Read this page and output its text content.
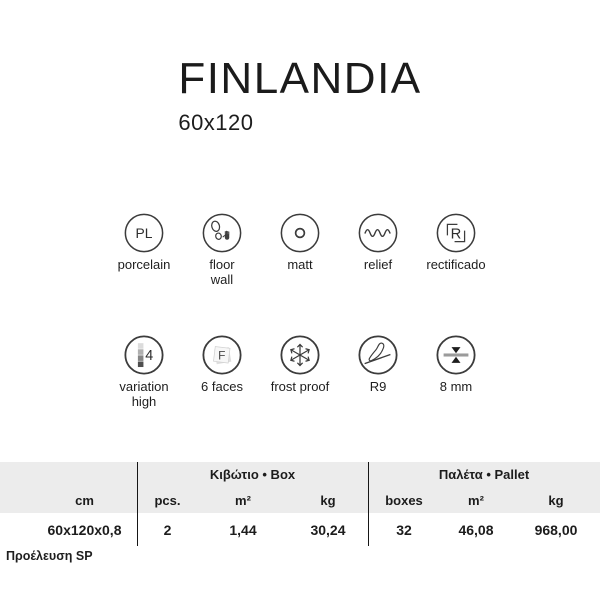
FINLANDIA
60x120
PL
porcelain	floor
wall
matt	relief
R
rectificado
4
variation
high
F
6 faces frost proof	R9	8 mm
Κιβώτιο • Box	Παλέτα • Pallet
cm	pcs.	m²	kg	boxes	m²	kg
60x120x0,8	2	1,44	30,24	32	46,08	968,00
Προέλευση SP
